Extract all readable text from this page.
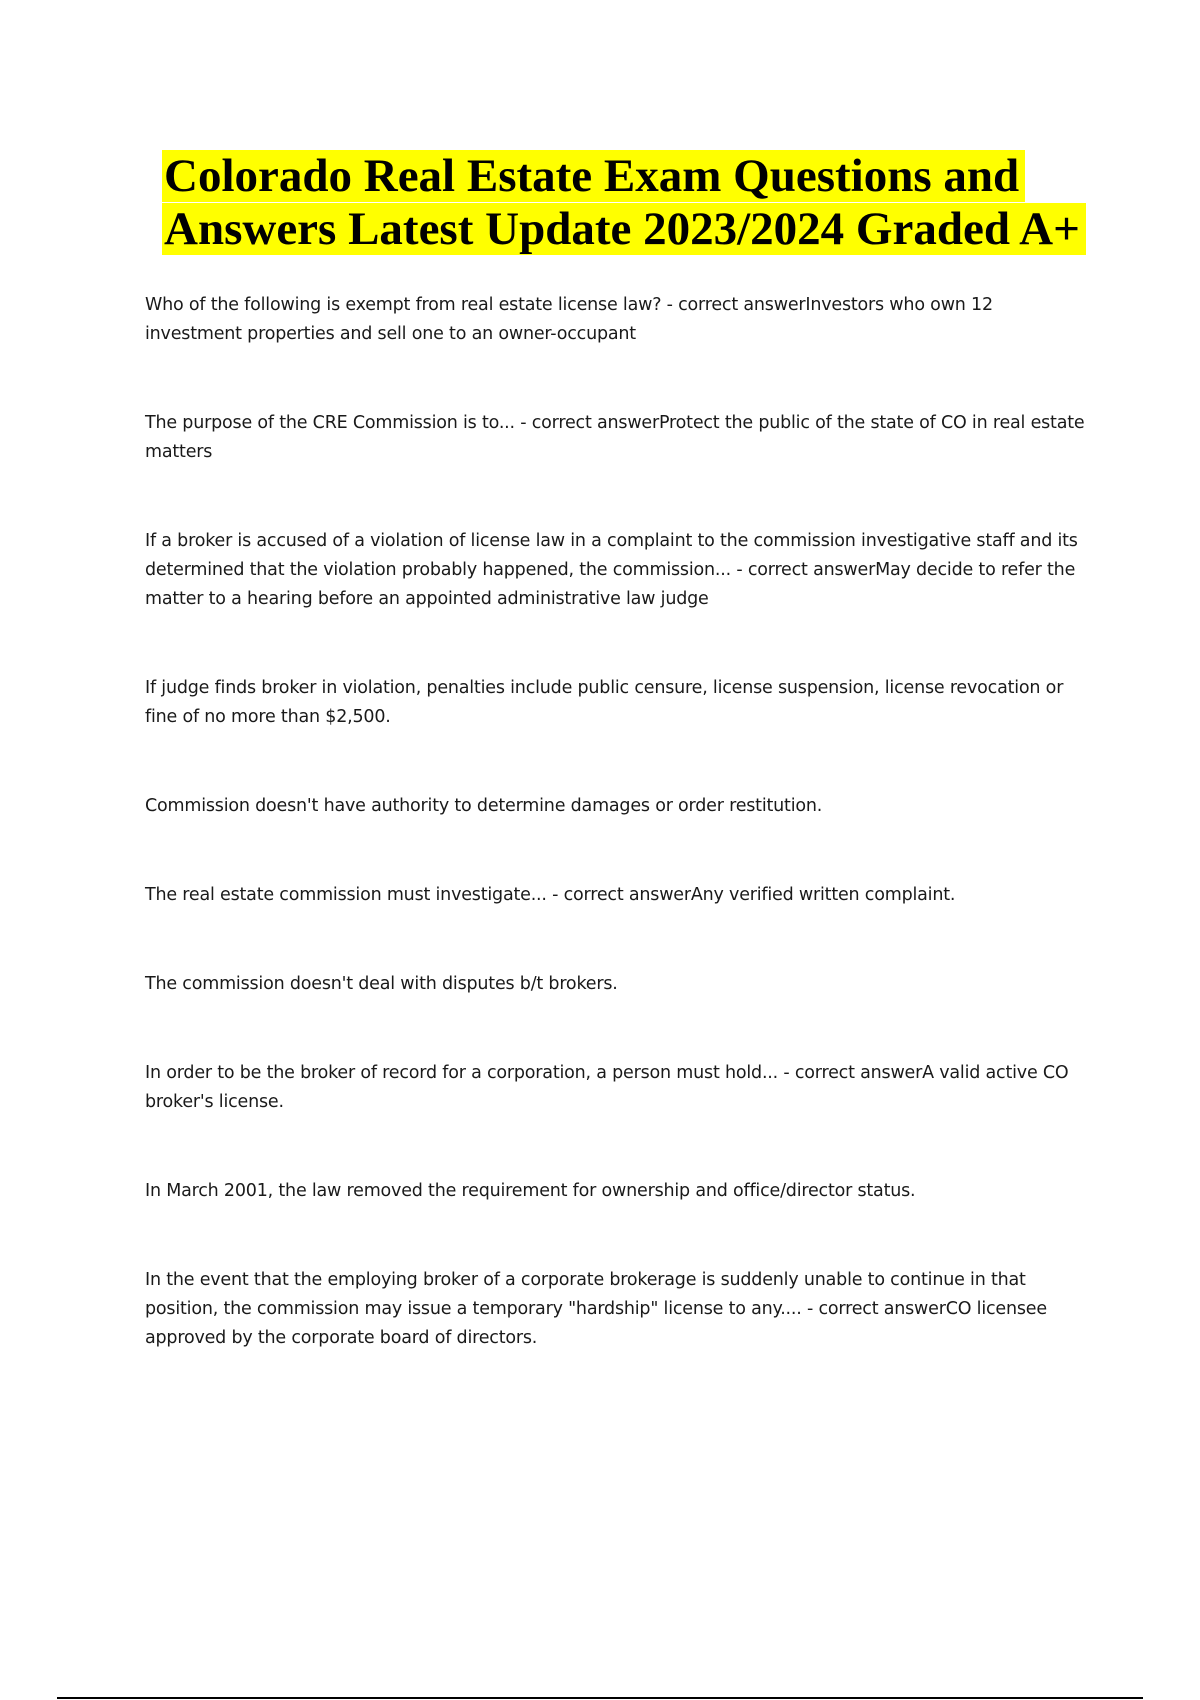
Colorado Real Estate Exam Questions and Answers Latest Update 2023/2024 Graded A+

Who of the following is exempt from real estate license law? - correct answerInvestors who own 12 investment properties and sell one to an owner-occupant

The purpose of the CRE Commission is to... - correct answerProtect the public of the state of CO in real estate matters

If a broker is accused of a violation of license law in a complaint to the commission investigative staff and its determined that the violation probably happened, the commission... - correct answerMay decide to refer the matter to a hearing before an appointed administrative law judge

If judge finds broker in violation, penalties include public censure, license suspension, license revocation or fine of no more than $2,500.

Commission doesn't have authority to determine damages or order restitution.

The real estate commission must investigate... - correct answerAny verified written complaint.

The commission doesn't deal with disputes b/t brokers.

In order to be the broker of record for a corporation, a person must hold... - correct answerA valid active CO broker's license.

In March 2001, the law removed the requirement for ownership and office/director status.

In the event that the employing broker of a corporate brokerage is suddenly unable to continue in that position, the commission may issue a temporary "hardship" license to any.... - correct answerCO licensee approved by the corporate board of directors.
